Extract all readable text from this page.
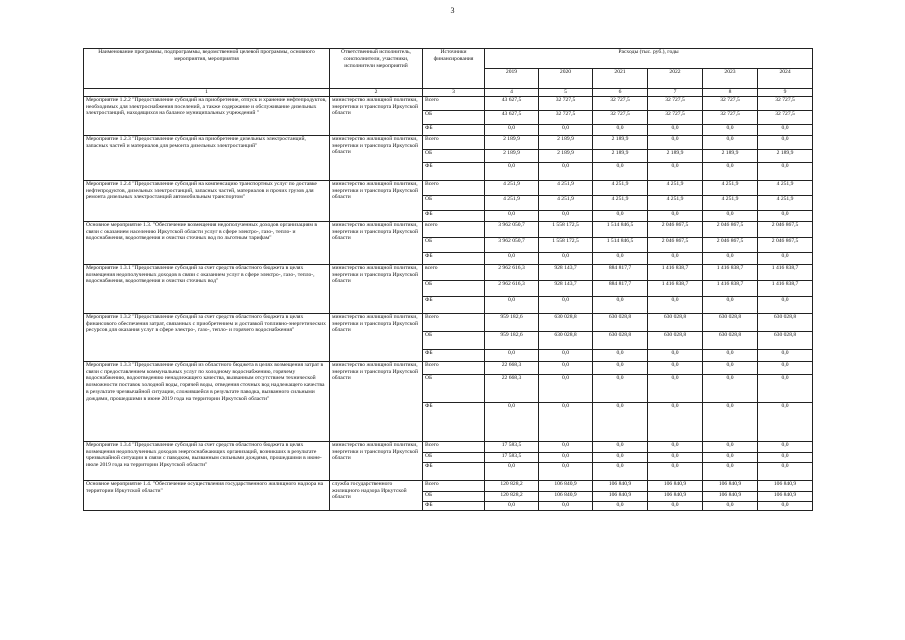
3
Наименование программы, подпрограммы, ведомственной целевой программы, основного мероприятия, мероприятия	Ответственный исполнитель, соисполнители, участники, исполнители мероприятий	Источники финансирования	Расходы (тыс. руб.), годы					
			2019	2020	2021	2022	2023	2024
1	2	3	4	5	6	7	8	9
Мероприятие 1.2.2 "Предоставление субсидий на приобретение, отпуск и хранение нефтепродуктов, необходимых для электроснабжения поселений, а также содержание и обслуживание дизельных электростанций, находящихся на балансе муниципальных учреждений "	министерство жилищной политики, энергетики и транспорта Иркутской области	Всего	43 627,5	32 727,5	32 727,5	32 727,5	32 727,5	32 727,5
		ОБ	43 627,5	32 727,5	32 727,5	32 727,5	32 727,5	32 727,5
		ФБ	0,0	0,0	0,0	0,0	0,0	0,0
Мероприятие 1.2.3 "Предоставление субсидий на приобретение дизельных электростанций, запасных частей и материалов для ремонта дизельных электростанций"	министерство жилищной политики, энергетики и транспорта Иркутской области	Всего	2 189,9	2 189,9	2 189,9	0,0	0,0	0,0
		ОБ	2 189,9	2 189,9	2 189,9	2 189,9	2 189,9	2 189,9
		ФБ	0,0	0,0	0,0	0,0	0,0	0,0
Мероприятие 1.2.4 "Предоставление субсидий на компенсацию транспортных услуг по доставке нефтепродуктов, дизельных электростанций, запасных частей, материалов и прочих грузов для ремонта дизельных электростанций автомобильным транспортом"	министерство жилищной политики, энергетики и транспорта Иркутской области	Всего	4 251,9	4 251,9	4 251,9	4 251,9	4 251,9	4 251,9
		ОБ	4 251,9	4 251,9	4 251,9	4 251,9	4 251,9	4 251,9
		ФБ	0,0	0,0	0,0	0,0	0,0	0,0
Основное мероприятие 1.3. "Обеспечение возмещения недополученных доходов организациям в связи с оказанием населению Иркутской области услуг в сфере электро-, газо-, тепло- и водоснабжения, водоотведения и очистки сточных вод по льготным тарифам"	министерство жилищной политики, энергетики и транспорта Иркутской области	всего	3 962 050,7	1 558 172,5	1 514 846,5	2 046 867,5	2 046 867,5	2 046 867,5
		ОБ	3 962 050,7	1 558 172,5	1 514 846,5	2 046 867,5	2 046 867,5	2 046 867,5
		ФБ	0,0	0,0	0,0	0,0	0,0	0,0
Мероприятие 1.3.1 "Предоставление субсидий за счет средств областного бюджета в целях возмещения недополученных доходов в связи с оказанием услуг в сфере электро-, газо-, тепло-, водоснабжения, водоотведения и очистки сточных вод"	министерство жилищной политики, энергетики и транспорта Иркутской области	всего	2 962 616,3	928 143,7	884 817,7	1 416 838,7	1 416 838,7	1 416 838,7
		ОБ	2 962 616,3	928 143,7	884 817,7	1 416 838,7	1 416 838,7	1 416 838,7
		ФБ	0,0	0,0	0,0	0,0	0,0	0,0
Мероприятие 1.3.2 "Предоставление субсидий за счет средств областного бюджета в целях финансового обеспечения затрат, связанных с приобретением и доставкой топливно-энергетических ресурсов для оказания услуг в сфере электро-, газо-, тепло- и горячего водоснабжения"	министерство жилищной политики, энергетики и транспорта Иркутской области	Всего	959 182,6	630 028,8	630 028,8	630 028,8	630 028,8	630 028,8
		ОБ	959 182,6	630 028,8	630 028,8	630 028,8	630 028,8	630 028,8
		ФБ	0,0	0,0	0,0	0,0	0,0	0,0
Мероприятие 1.3.3 "Предоставление субсидий из областного бюджета в целях возмещения затрат в связи с предоставлением коммунальных услуг по холодному водоснабжению, горячему водоснабжению, водоотведению ненадлежащего качества, вызванным отсутствием технической возможности поставок холодной воды, горячей воды, отведения сточных вод надлежащего качества в результате чрезвычайной ситуации, сложившейся в результате паводка, вызванного сильными дождями, прошедшими в июне 2019 года на территории Иркутской области"	министерство жилищной политики, энергетики и транспорта Иркутской области	Всего	22 668,3	0,0	0,0	0,0	0,0	0,0
		ОБ	22 668,3	0,0	0,0	0,0	0,0	0,0
		ФБ	0,0	0,0	0,0	0,0	0,0	0,0
Мероприятие 1.3.4 "Предоставление субсидий за счет средств областного бюджета в целях возмещения недополученных доходов энергоснабжающих организаций, возникших в результате чрезвычайной ситуации в связи с паводком, вызванным сильными дождями, прошедшими в июне-июле 2019 года на территории Иркутской области"	министерство жилищной политики, энергетики и транспорта Иркутской области	Всего	17 583,5	0,0	0,0	0,0	0,0	0,0
		ОБ	17 583,5	0,0	0,0	0,0	0,0	0,0
		ФБ	0,0	0,0	0,0	0,0	0,0	0,0
Основное мероприятие 1.4. "Обеспечение осуществления государственного жилищного надзора на территории Иркутской области"	служба государственного жилищного надзора Иркутской области	Всего	120 828,2	106 840,9	106 840,9	106 840,9	106 840,9	106 840,9
		ОБ	120 828,2	106 840,9	106 840,9	106 840,9	106 840,9	106 840,9
		ФБ	0,0	0,0	0,0	0,0	0,0	0,0
